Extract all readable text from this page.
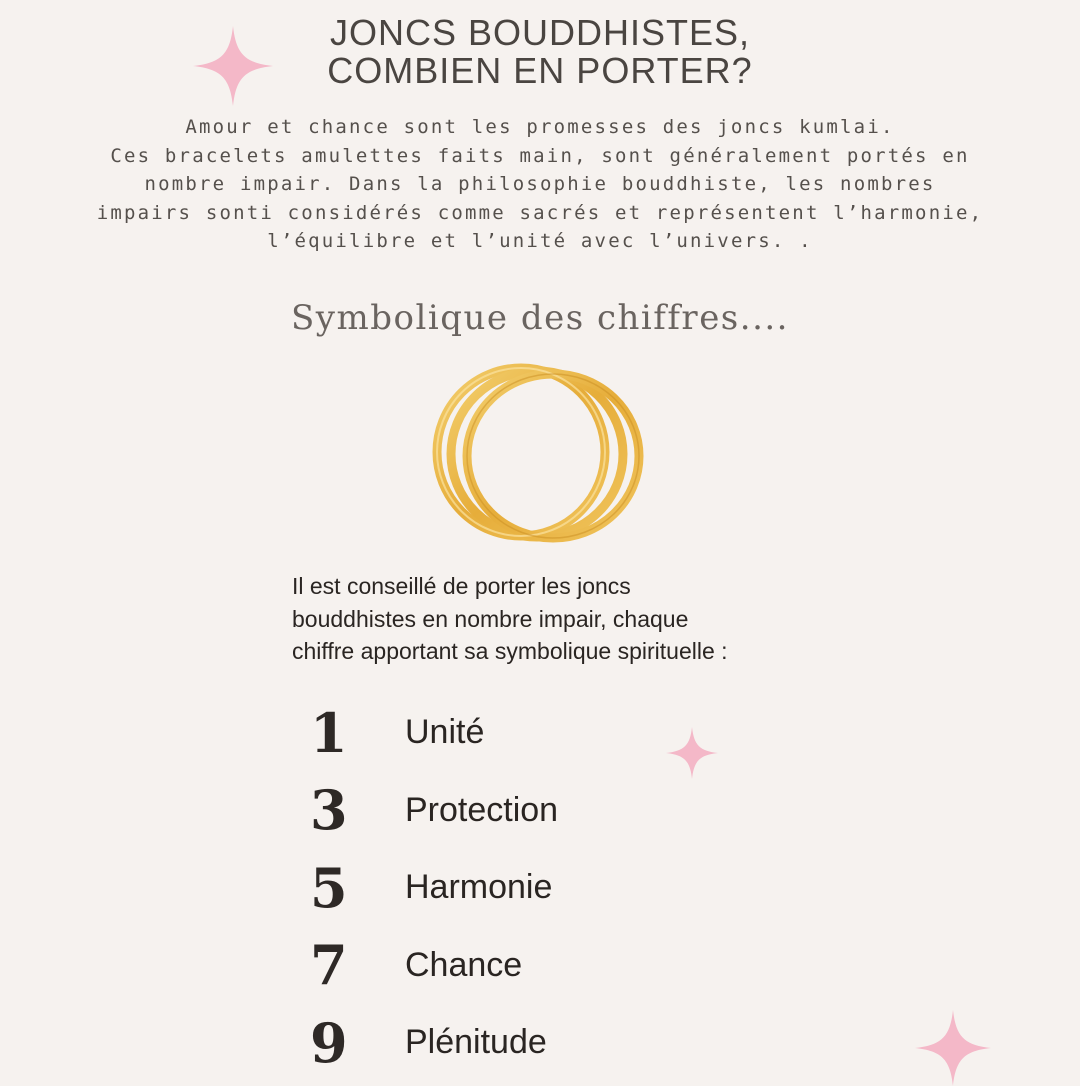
JONCS BOUDDHISTES,
COMBIEN EN PORTER?

Amour et chance sont les promesses des joncs kumlai.
Ces bracelets amulettes faits main, sont généralement portés en
nombre impair. Dans la philosophie bouddhiste, les nombres
impairs sonti considérés comme sacrés et représentent l’harmonie,
l’équilibre et l’unité avec l’univers. .

Symbolique des chiffres....

Il est conseillé de porter les joncs
bouddhistes en nombre impair, chaque
chiffre apportant sa symbolique spirituelle :

1	Unité
3	Protection
5	Harmonie
7	Chance
9	Plénitude
